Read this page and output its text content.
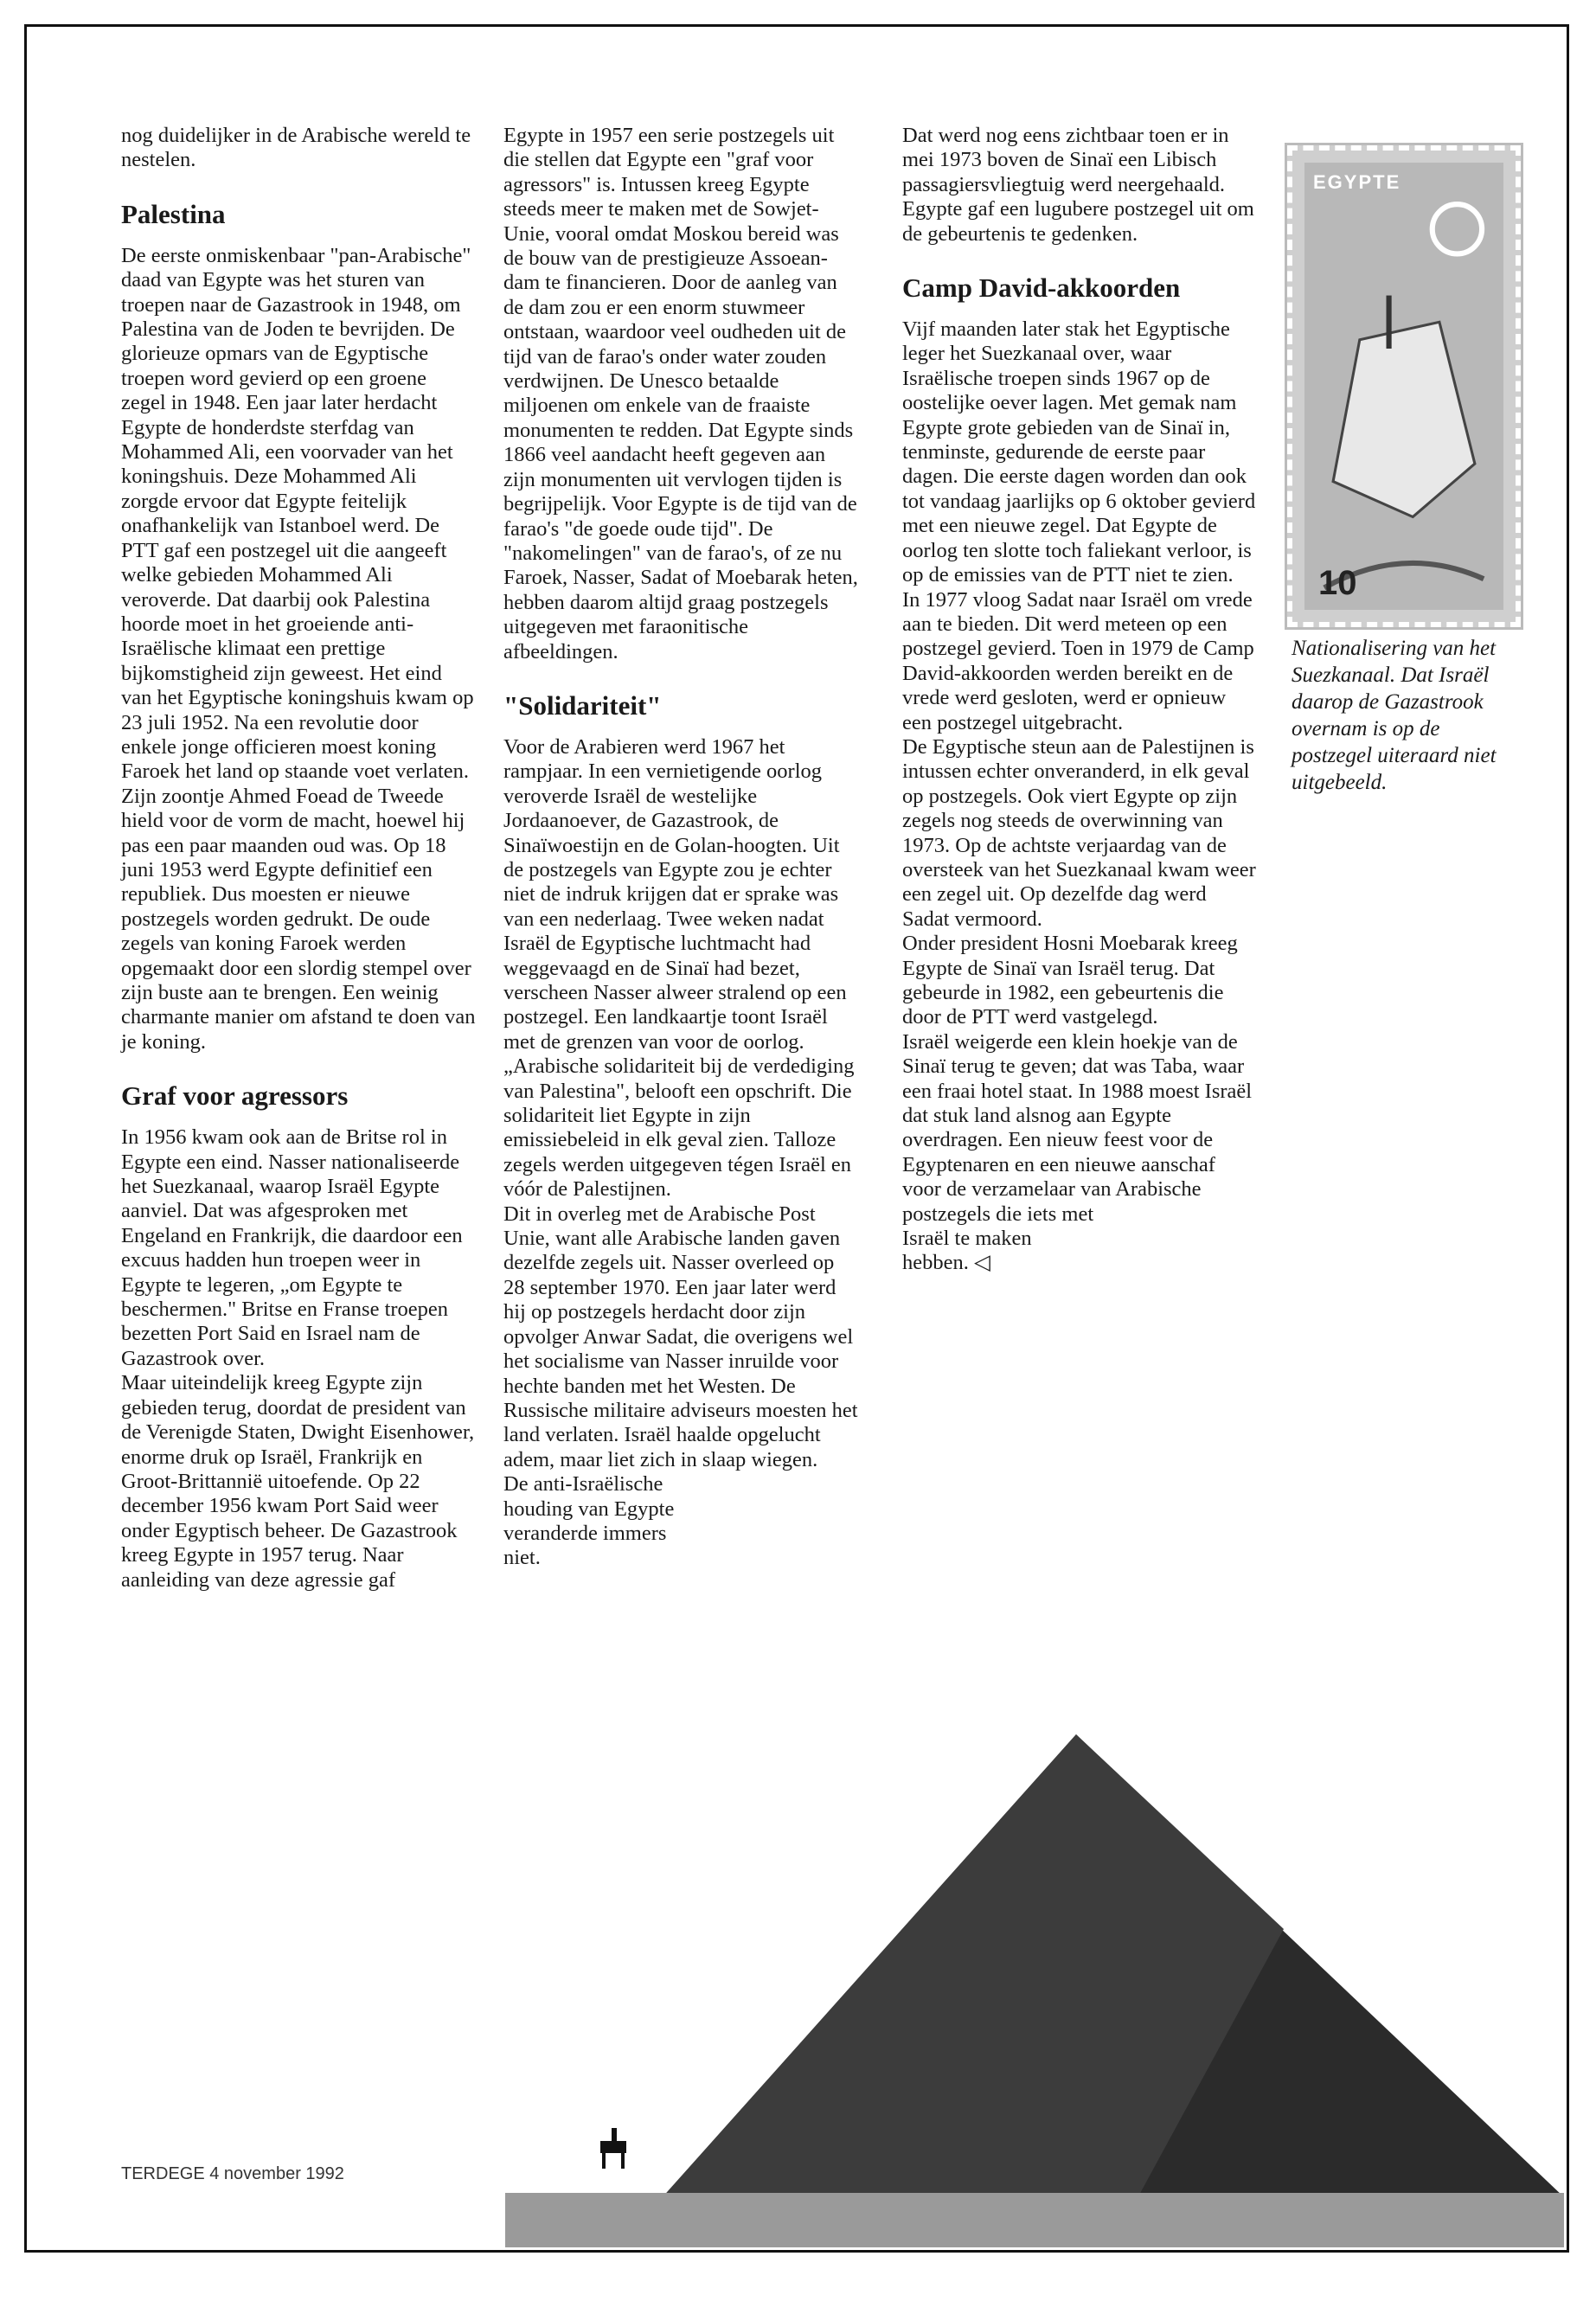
nog duidelijker in de Arabische wereld te nestelen.

Palestina

De eerste onmiskenbaar "pan-Arabische" daad van Egypte was het sturen van troepen naar de Gazastrook in 1948, om Palestina van de Joden te bevrijden. De glorieuze opmars van de Egyptische troepen word gevierd op een groene zegel in 1948. Een jaar later herdacht Egypte de honderdste sterfdag van Mohammed Ali, een voorvader van het koningshuis. Deze Mohammed Ali zorgde ervoor dat Egypte feitelijk onafhankelijk van Istanboel werd. De PTT gaf een postzegel uit die aangeeft welke gebieden Mohammed Ali veroverde. Dat daarbij ook Palestina hoorde moet in het groeiende anti-Israëlische klimaat een prettige bijkomstigheid zijn geweest. Het eind van het Egyptische koningshuis kwam op 23 juli 1952. Na een revolutie door enkele jonge officieren moest koning Faroek het land op staande voet verlaten. Zijn zoontje Ahmed Foead de Tweede hield voor de vorm de macht, hoewel hij pas een paar maanden oud was. Op 18 juni 1953 werd Egypte definitief een republiek. Dus moesten er nieuwe postzegels worden gedrukt. De oude zegels van koning Faroek werden opgemaakt door een slordig stempel over zijn buste aan te brengen. Een weinig charmante manier om afstand te doen van je koning.

Graf voor agressors

In 1956 kwam ook aan de Britse rol in Egypte een eind. Nasser nationaliseerde het Suezkanaal, waarop Israël Egypte aanviel. Dat was afgesproken met Engeland en Frankrijk, die daardoor een excuus hadden hun troepen weer in Egypte te legeren, „om Egypte te beschermen." Britse en Franse troepen bezetten Port Said en Israel nam de Gazastrook over.

Maar uiteindelijk kreeg Egypte zijn gebieden terug, doordat de president van de Verenigde Staten, Dwight Eisenhower, enorme druk op Israël, Frankrijk en Groot-Brittannië uitoefende. Op 22 december 1956 kwam Port Said weer onder Egyptisch beheer. De Gazastrook kreeg Egypte in 1957 terug. Naar aanleiding van deze agressie gaf

Egypte in 1957 een serie postzegels uit die stellen dat Egypte een "graf voor agressors" is. Intussen kreeg Egypte steeds meer te maken met de Sowjet-Unie, vooral omdat Moskou bereid was de bouw van de prestigieuze Assoean-dam te financieren. Door de aanleg van de dam zou er een enorm stuwmeer ontstaan, waardoor veel oudheden uit de tijd van de farao's onder water zouden verdwijnen. De Unesco betaalde miljoenen om enkele van de fraaiste monumenten te redden. Dat Egypte sinds 1866 veel aandacht heeft gegeven aan zijn monumenten uit vervlogen tijden is begrijpelijk. Voor Egypte is de tijd van de farao's "de goede oude tijd". De "nakomelingen" van de farao's, of ze nu Faroek, Nasser, Sadat of Moebarak heten, hebben daarom altijd graag postzegels uitgegeven met faraonitische afbeeldingen.

"Solidariteit"

Voor de Arabieren werd 1967 het rampjaar. In een vernietigende oorlog veroverde Israël de westelijke Jordaanoever, de Gazastrook, de Sinaïwoestijn en de Golan-hoogten. Uit de postzegels van Egypte zou je echter niet de indruk krijgen dat er sprake was van een nederlaag. Twee weken nadat Israël de Egyptische luchtmacht had weggevaagd en de Sinaï had bezet, verscheen Nasser alweer stralend op een postzegel. Een landkaartje toont Israël met de grenzen van voor de oorlog. „Arabische solidariteit bij de verdediging van Palestina", belooft een opschrift. Die solidariteit liet Egypte in zijn emissiebeleid in elk geval zien. Talloze zegels werden uitgegeven tégen Israël en vóór de Palestijnen.

Dit in overleg met de Arabische Post Unie, want alle Arabische landen gaven dezelfde zegels uit. Nasser overleed op 28 september 1970. Een jaar later werd hij op postzegels herdacht door zijn opvolger Anwar Sadat, die overigens wel het socialisme van Nasser inruilde voor hechte banden met het Westen. De Russische militaire adviseurs moesten het land verlaten. Israël haalde opgelucht adem, maar liet zich in slaap wiegen.

De anti-Israëlische houding van Egypte veranderde immers niet.

Dat werd nog eens zichtbaar toen er in mei 1973 boven de Sinaï een Libisch passagiersvliegtuig werd neergehaald. Egypte gaf een lugubere postzegel uit om de gebeurtenis te gedenken.

Camp David-akkoorden

Vijf maanden later stak het Egyptische leger het Suezkanaal over, waar Israëlische troepen sinds 1967 op de oostelijke oever lagen. Met gemak nam Egypte grote gebieden van de Sinaï in, tenminste, gedurende de eerste paar dagen. Die eerste dagen worden dan ook tot vandaag jaarlijks op 6 oktober gevierd met een nieuwe zegel. Dat Egypte de oorlog ten slotte toch faliekant verloor, is op de emissies van de PTT niet te zien.

In 1977 vloog Sadat naar Israël om vrede aan te bieden. Dit werd meteen op een postzegel gevierd. Toen in 1979 de Camp David-akkoorden werden bereikt en de vrede werd gesloten, werd er opnieuw een postzegel uitgebracht.

De Egyptische steun aan de Palestijnen is intussen echter onveranderd, in elk geval op postzegels. Ook viert Egypte op zijn zegels nog steeds de overwinning van 1973. Op de achtste verjaardag van de oversteek van het Suezkanaal kwam weer een zegel uit. Op dezelfde dag werd Sadat vermoord.

Onder president Hosni Moebarak kreeg Egypte de Sinaï van Israël terug. Dat gebeurde in 1982, een gebeurtenis die door de PTT werd vastgelegd.

Israël weigerde een klein hoekje van de Sinaï terug te geven; dat was Taba, waar een fraai hotel staat. In 1988 moest Israël dat stuk land alsnog aan Egypte overdragen. Een nieuw feest voor de Egyptenaren en een nieuwe aanschaf voor de verzamelaar van Arabische

postzegels die iets met Israël te maken hebben. ◁

EGYPTE
10
Nationalisering van het Suezkanaal. Dat Israël daarop de Gazastrook overnam is op de postzegel uiteraard niet uitgebeeld.
TERDEGE 4 november 1992
